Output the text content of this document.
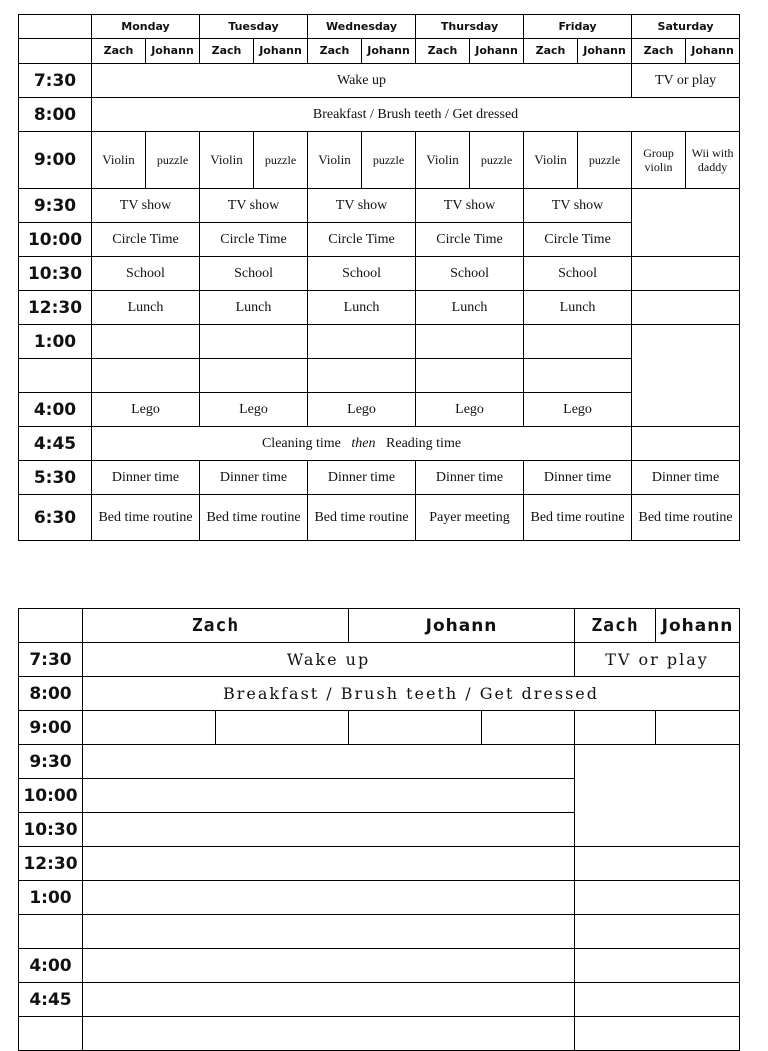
	Monday		Tuesday		Wednesday		Thursday		Friday		Saturday	
	Zach	Johann	Zach	Johann	Zach	Johann	Zach	Johann	Zach	Johann	Zach	Johann
7:30	Wake up										TV or play	
8:00	Breakfast / Brush teeth / Get dressed											
9:00	Violin	puzzle	Violin	puzzle	Violin	puzzle	Violin	puzzle	Violin	puzzle	Group violin	Wii with daddy
9:30	TV show		TV show		TV show		TV show		TV show			
10:00	Circle Time		Circle Time		Circle Time		Circle Time		Circle Time			
10:30	School		School		School		School		School			
12:30	Lunch		Lunch		Lunch		Lunch		Lunch			
1:00												

4:00	Lego		Lego		Lego		Lego		Lego			
4:45	Cleaning time then Reading time											
5:30	Dinner time		Dinner time		Dinner time		Dinner time		Dinner time		Dinner time	
6:30	Bed time routine		Bed time routine		Bed time routine		Payer meeting		Bed time routine		Bed time routine	
	Zach		Johann		Zach	Johann
7:30	Wake up				TV or play	
8:00	Breakfast / Brush teeth / Get dressed					
9:00						
9:30						
10:00						
10:30						
12:30						
1:00						

4:00						
4:45						
